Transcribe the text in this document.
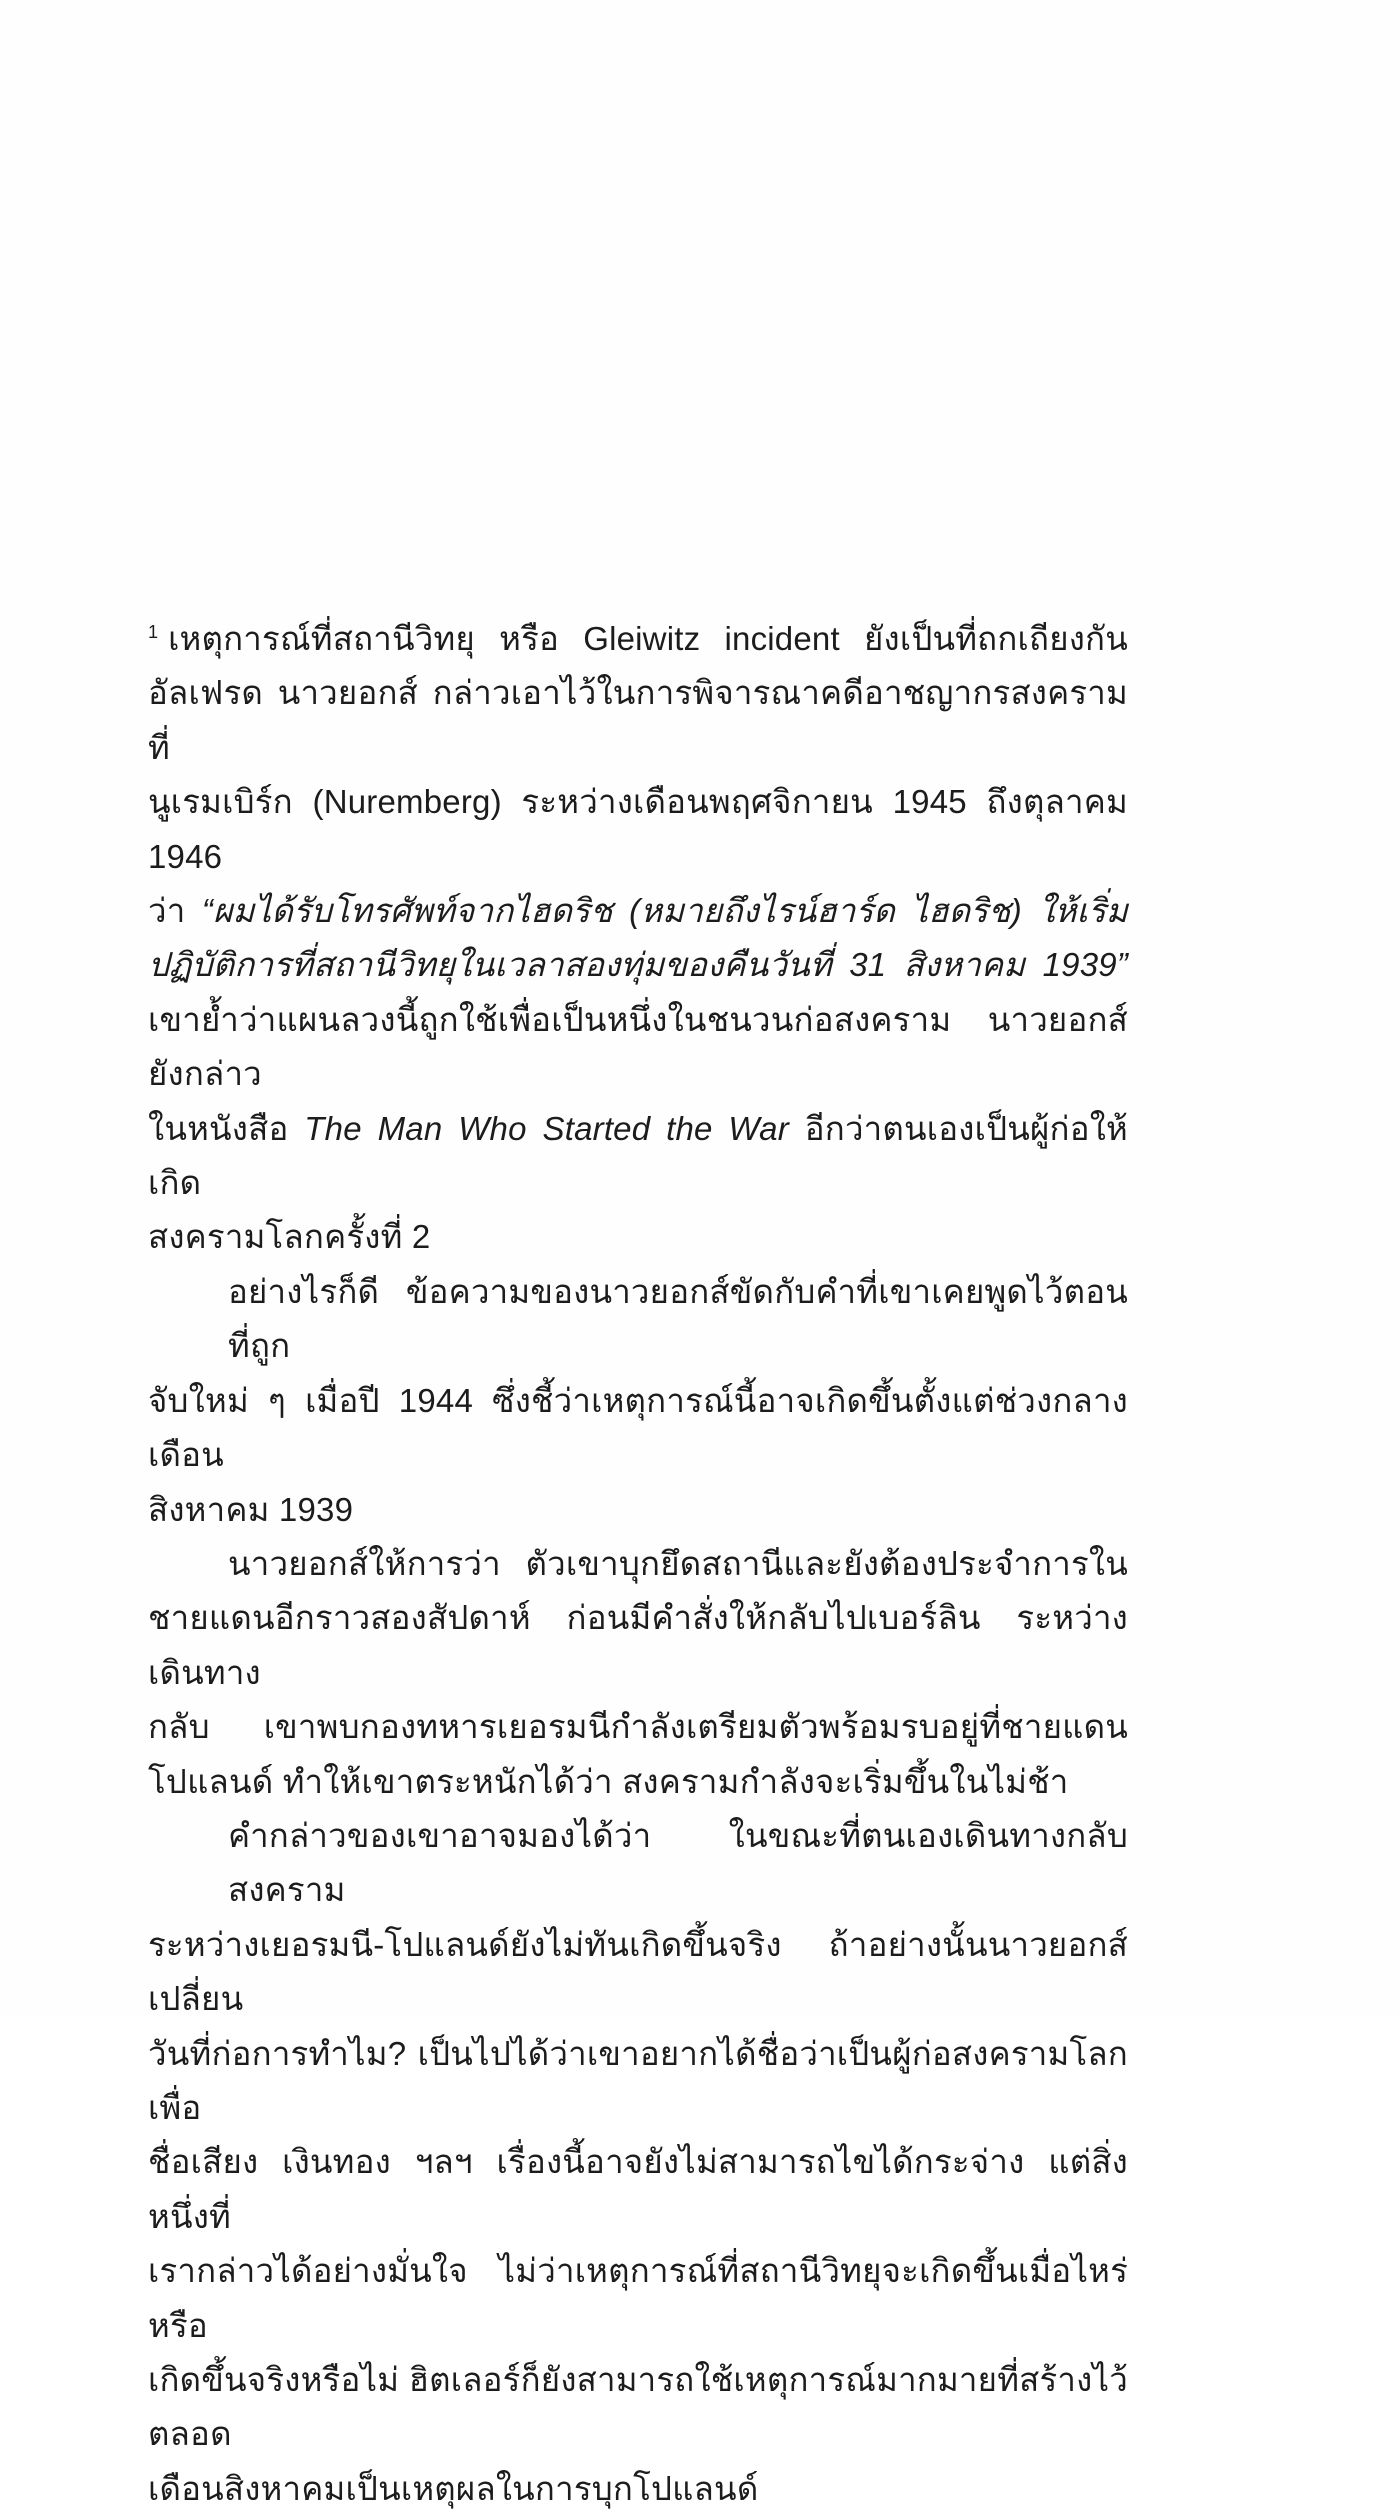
$^1$ เหตุการณ์ที่สถานีวิทยุ หรือ Gleiwitz incident ยังเป็นที่ถกเถียงกัน
อัลเฟรด นาวยอกส์ กล่าวเอาไว้ในการพิจารณาคดีอาชญากรสงครามที่
นูเรมเบิร์ก (Nuremberg) ระหว่างเดือนพฤศจิกายน 1945 ถึงตุลาคม 1946
ว่า “ผมได้รับโทรศัพท์จากไฮดริช (หมายถึงไรน์ฮาร์ด ไฮดริช) ให้เริ่ม
ปฏิบัติการที่สถานีวิทยุในเวลาสองทุ่มของคืนวันที่ 31 สิงหาคม 1939”
เขาย้ำว่าแผนลวงนี้ถูกใช้เพื่อเป็นหนึ่งในชนวนก่อสงคราม นาวยอกส์ยังกล่าว
ในหนังสือ The Man Who Started the War อีกว่าตนเองเป็นผู้ก่อให้เกิด
สงครามโลกครั้งที่ 2
อย่างไรก็ดี ข้อความของนาวยอกส์ขัดกับคำที่เขาเคยพูดไว้ตอนที่ถูก
จับใหม่ ๆ เมื่อปี 1944 ซึ่งชี้ว่าเหตุการณ์นี้อาจเกิดขึ้นตั้งแต่ช่วงกลางเดือน
สิงหาคม 1939
นาวยอกส์ให้การว่า ตัวเขาบุกยึดสถานีและยังต้องประจำการใน
ชายแดนอีกราวสองสัปดาห์ ก่อนมีคำสั่งให้กลับไปเบอร์ลิน ระหว่างเดินทาง
กลับ เขาพบกองทหารเยอรมนีกำลังเตรียมตัวพร้อมรบอยู่ที่ชายแดน
โปแลนด์ ทำให้เขาตระหนักได้ว่า สงครามกำลังจะเริ่มขึ้นในไม่ช้า
คำกล่าวของเขาอาจมองได้ว่า ในขณะที่ตนเองเดินทางกลับ สงคราม
ระหว่างเยอรมนี-โปแลนด์ยังไม่ทันเกิดขึ้นจริง ถ้าอย่างนั้นนาวยอกส์เปลี่ยน
วันที่ก่อการทำไม? เป็นไปได้ว่าเขาอยากได้ชื่อว่าเป็นผู้ก่อสงครามโลกเพื่อ
ชื่อเสียง เงินทอง ฯลฯ เรื่องนี้อาจยังไม่สามารถไขได้กระจ่าง แต่สิ่งหนึ่งที่
เรากล่าวได้อย่างมั่นใจ ไม่ว่าเหตุการณ์ที่สถานีวิทยุจะเกิดขึ้นเมื่อไหร่ หรือ
เกิดขึ้นจริงหรือไม่ ฮิตเลอร์ก็ยังสามารถใช้เหตุการณ์มากมายที่สร้างไว้ตลอด
เดือนสิงหาคมเป็นเหตุผลในการบุกโปแลนด์
